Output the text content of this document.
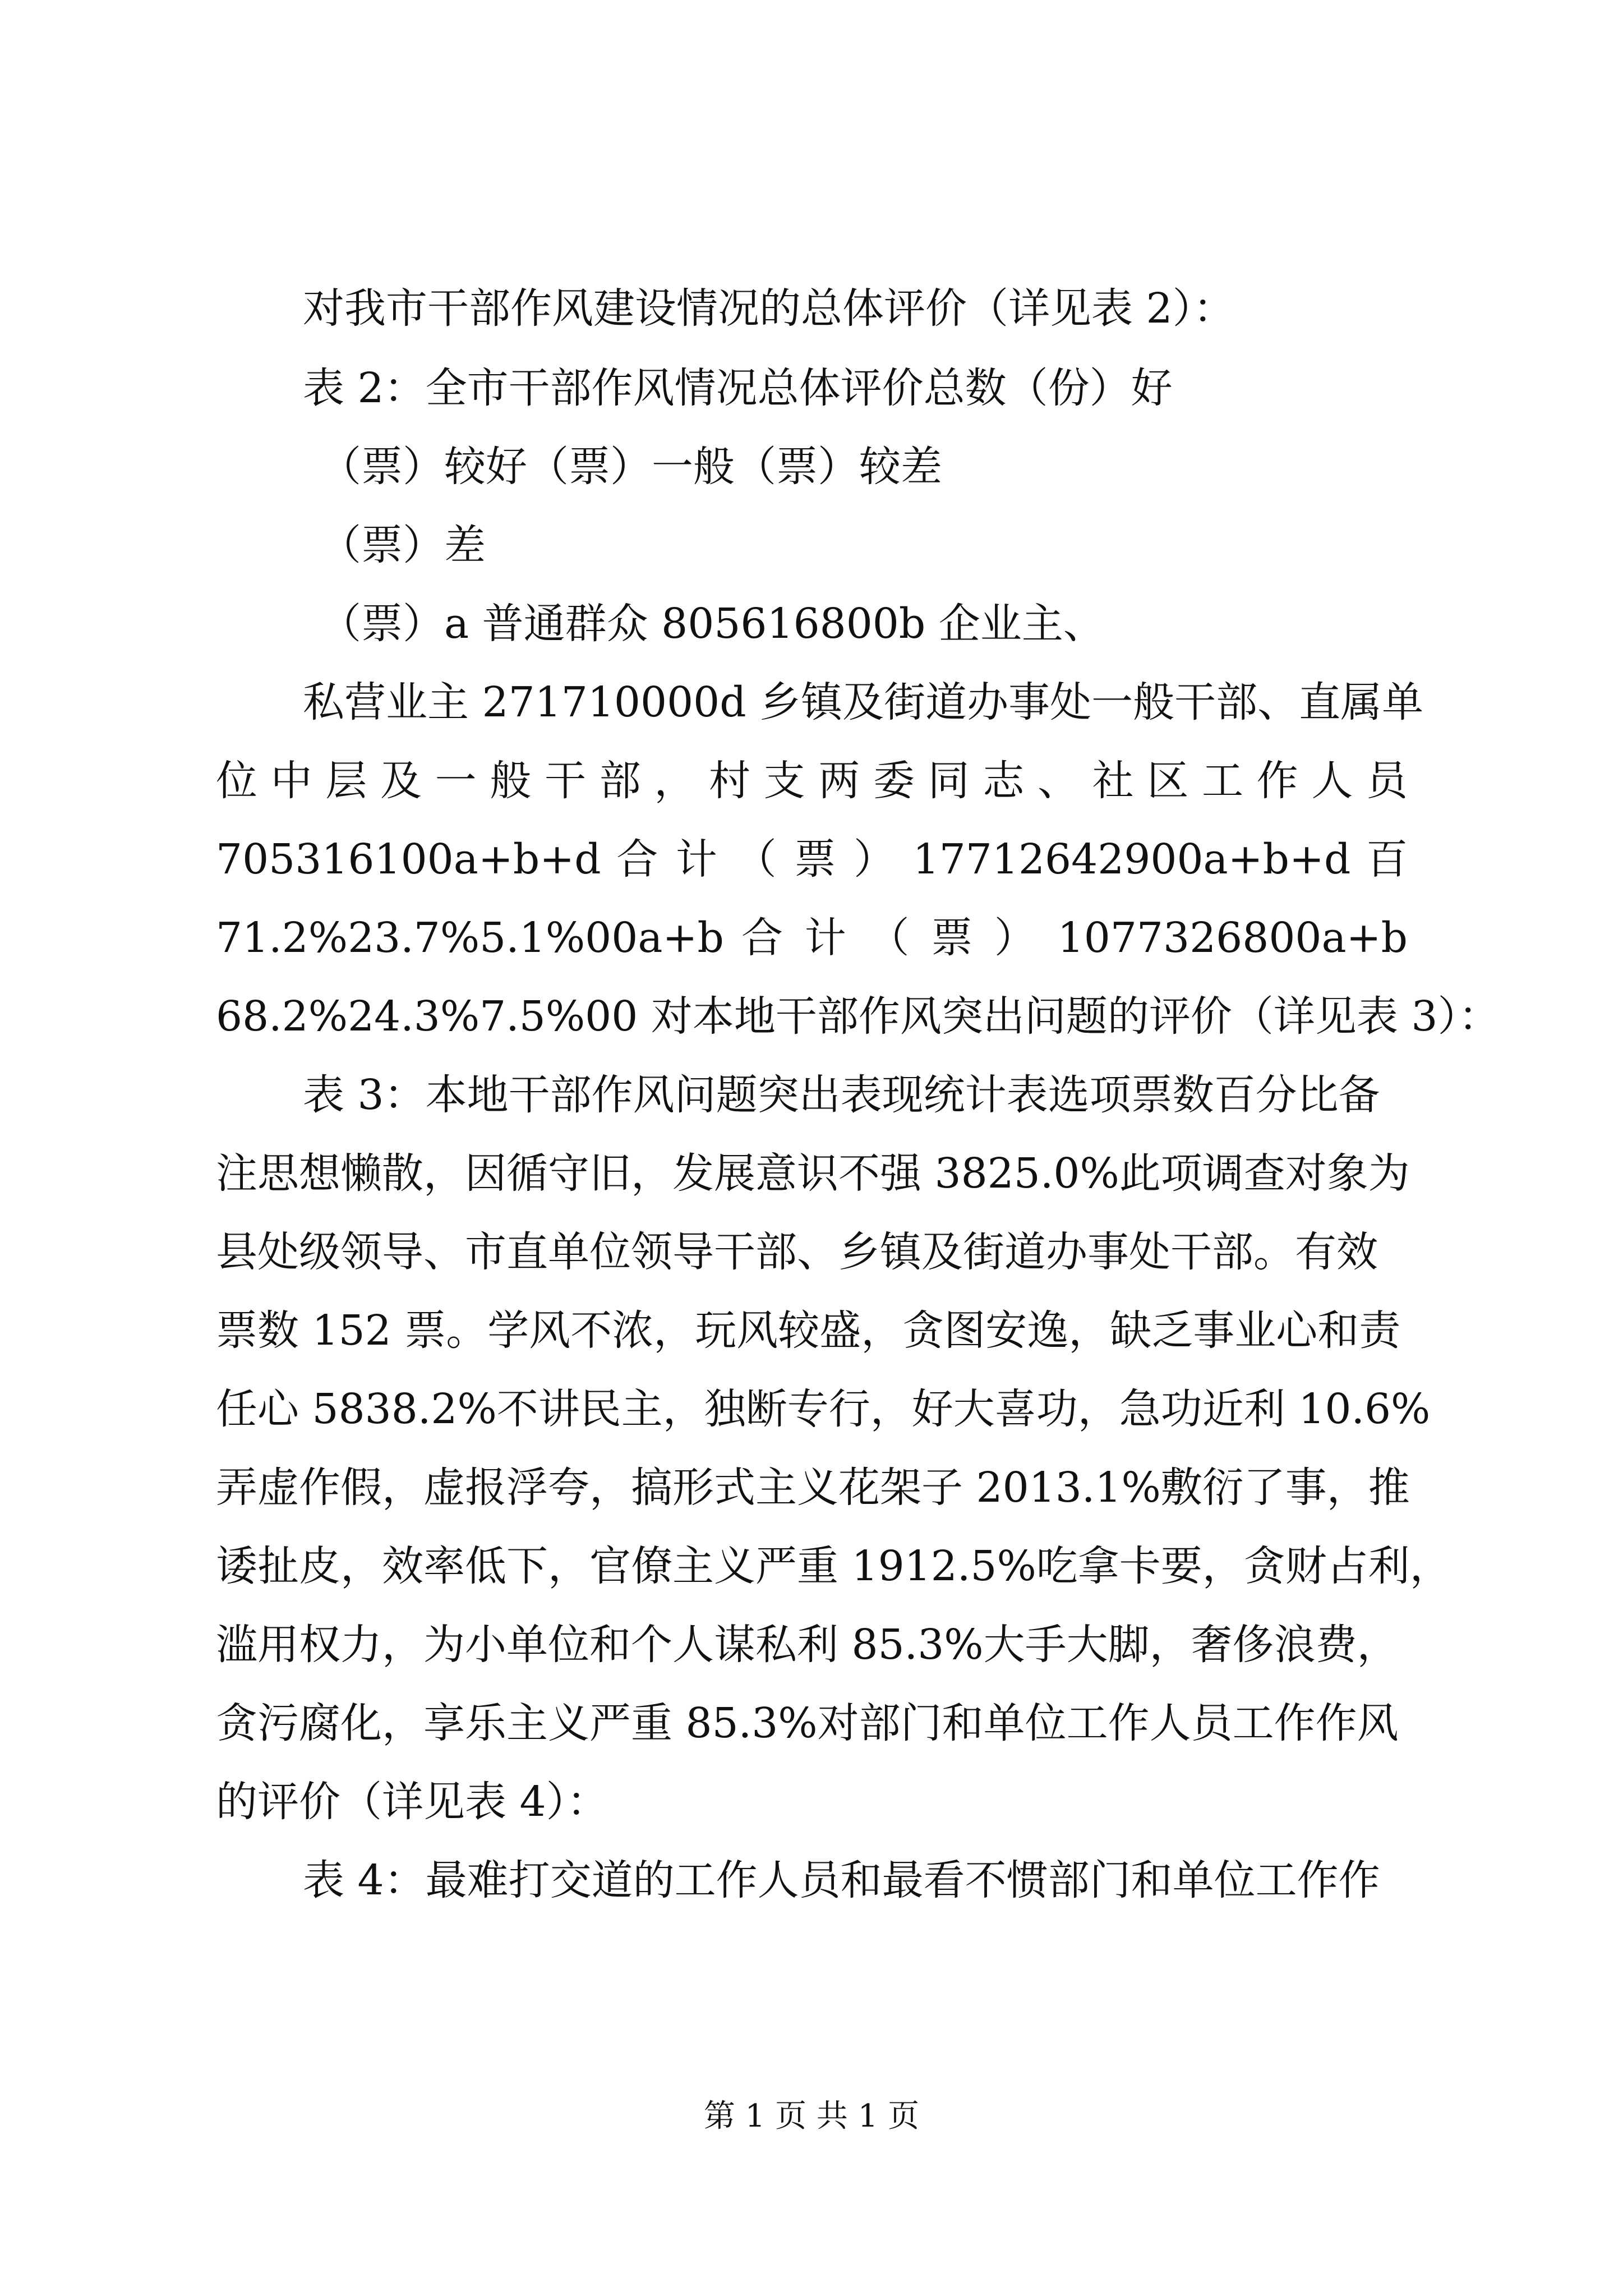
对我市干部作风建设情况的总体评价（详见表 2）：
表 2：全市干部作风情况总体评价总数（份）好
（票）较好（票）一般（票）较差
（票）差
（票）a 普通群众 805616800b 企业主、
私营业主 271710000d 乡镇及街道办事处一般干部、直属单
位中层及一般干部，村支两委同志、社区工作人员
705316100a+b+d 合 计 （ 票 ） 17712642900a+b+d 百
71.2%23.7%5.1%00a+b 合 计 （ 票 ） 1077326800a+b
68.2%24.3%7.5%00 对本地干部作风突出问题的评价（详见表 3）：
表 3：本地干部作风问题突出表现统计表选项票数百分比备
注思想懒散，因循守旧，发展意识不强 3825.0%此项调查对象为
县处级领导、市直单位领导干部、乡镇及街道办事处干部。有效
票数 152 票。学风不浓，玩风较盛，贪图安逸，缺乏事业心和责
任心 5838.2%不讲民主，独断专行，好大喜功，急功近利 10.6%
弄虚作假，虚报浮夸，搞形式主义花架子 2013.1%敷衍了事，推
诿扯皮，效率低下，官僚主义严重 1912.5%吃拿卡要，贪财占利，
滥用权力，为小单位和个人谋私利 85.3%大手大脚，奢侈浪费，
贪污腐化，享乐主义严重 85.3%对部门和单位工作人员工作作风
的评价（详见表 4）：
表 4：最难打交道的工作人员和最看不惯部门和单位工作作
第 1 页 共 1 页
